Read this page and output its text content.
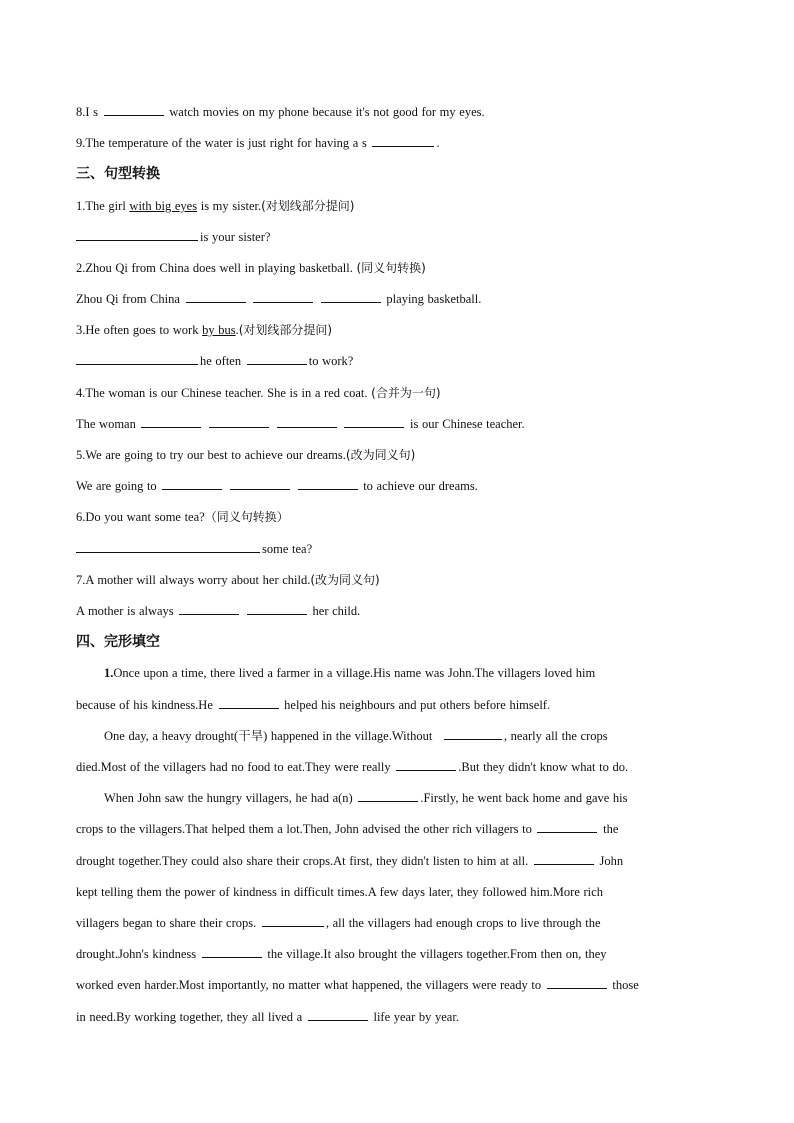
8.I s	watch movies on my phone because it's not good for my eyes.
9.The temperature of the water is just right for having a s	.
三、句型转换
1.The girl with big eyes is my sister.(对划线部分提问)
is your sister?
2.Zhou Qi from China does well in playing basketball. (同义句转换)
Zhou Qi from China	playing basketball.
3.He often goes to work by bus.(对划线部分提问)
he often	to work?
4.The woman is our Chinese teacher. She is in a red coat. (合并为一句)
The woman	is our Chinese teacher.
5.We are going to try our best to achieve our dreams.(改为同义句)
We are going to	to achieve our dreams.
6.Do you want some tea?（同义句转换）
some tea?
7.A mother will always worry about her child.(改为同义句)
A mother is always	her child.
四、完形填空
1.Once upon a time, there lived a farmer in a village.His name was John.The villagers loved him
because of his kindness.He	helped his neighbours and put others before himself.
One day, a heavy drought(干旱) happened in the village.Without	, nearly all the crops
died.Most of the villagers had no food to eat.They were really	.But they didn't know what to do.
When John saw the hungry villagers, he had a(n)	.Firstly, he went back home and gave his
crops to the villagers.That helped them a lot.Then, John advised the other rich villagers to	the
drought together.They could also share their crops.At first, they didn't listen to him at all.	John
kept telling them the power of kindness in difficult times.A few days later, they followed him.More rich
villagers began to share their crops.	, all the villagers had enough crops to live through the
drought.John's kindness	the village.It also brought the villagers together.From then on, they
worked even harder.Most importantly, no matter what happened, the villagers were ready to	those
in need.By working together, they all lived a	life year by year.
